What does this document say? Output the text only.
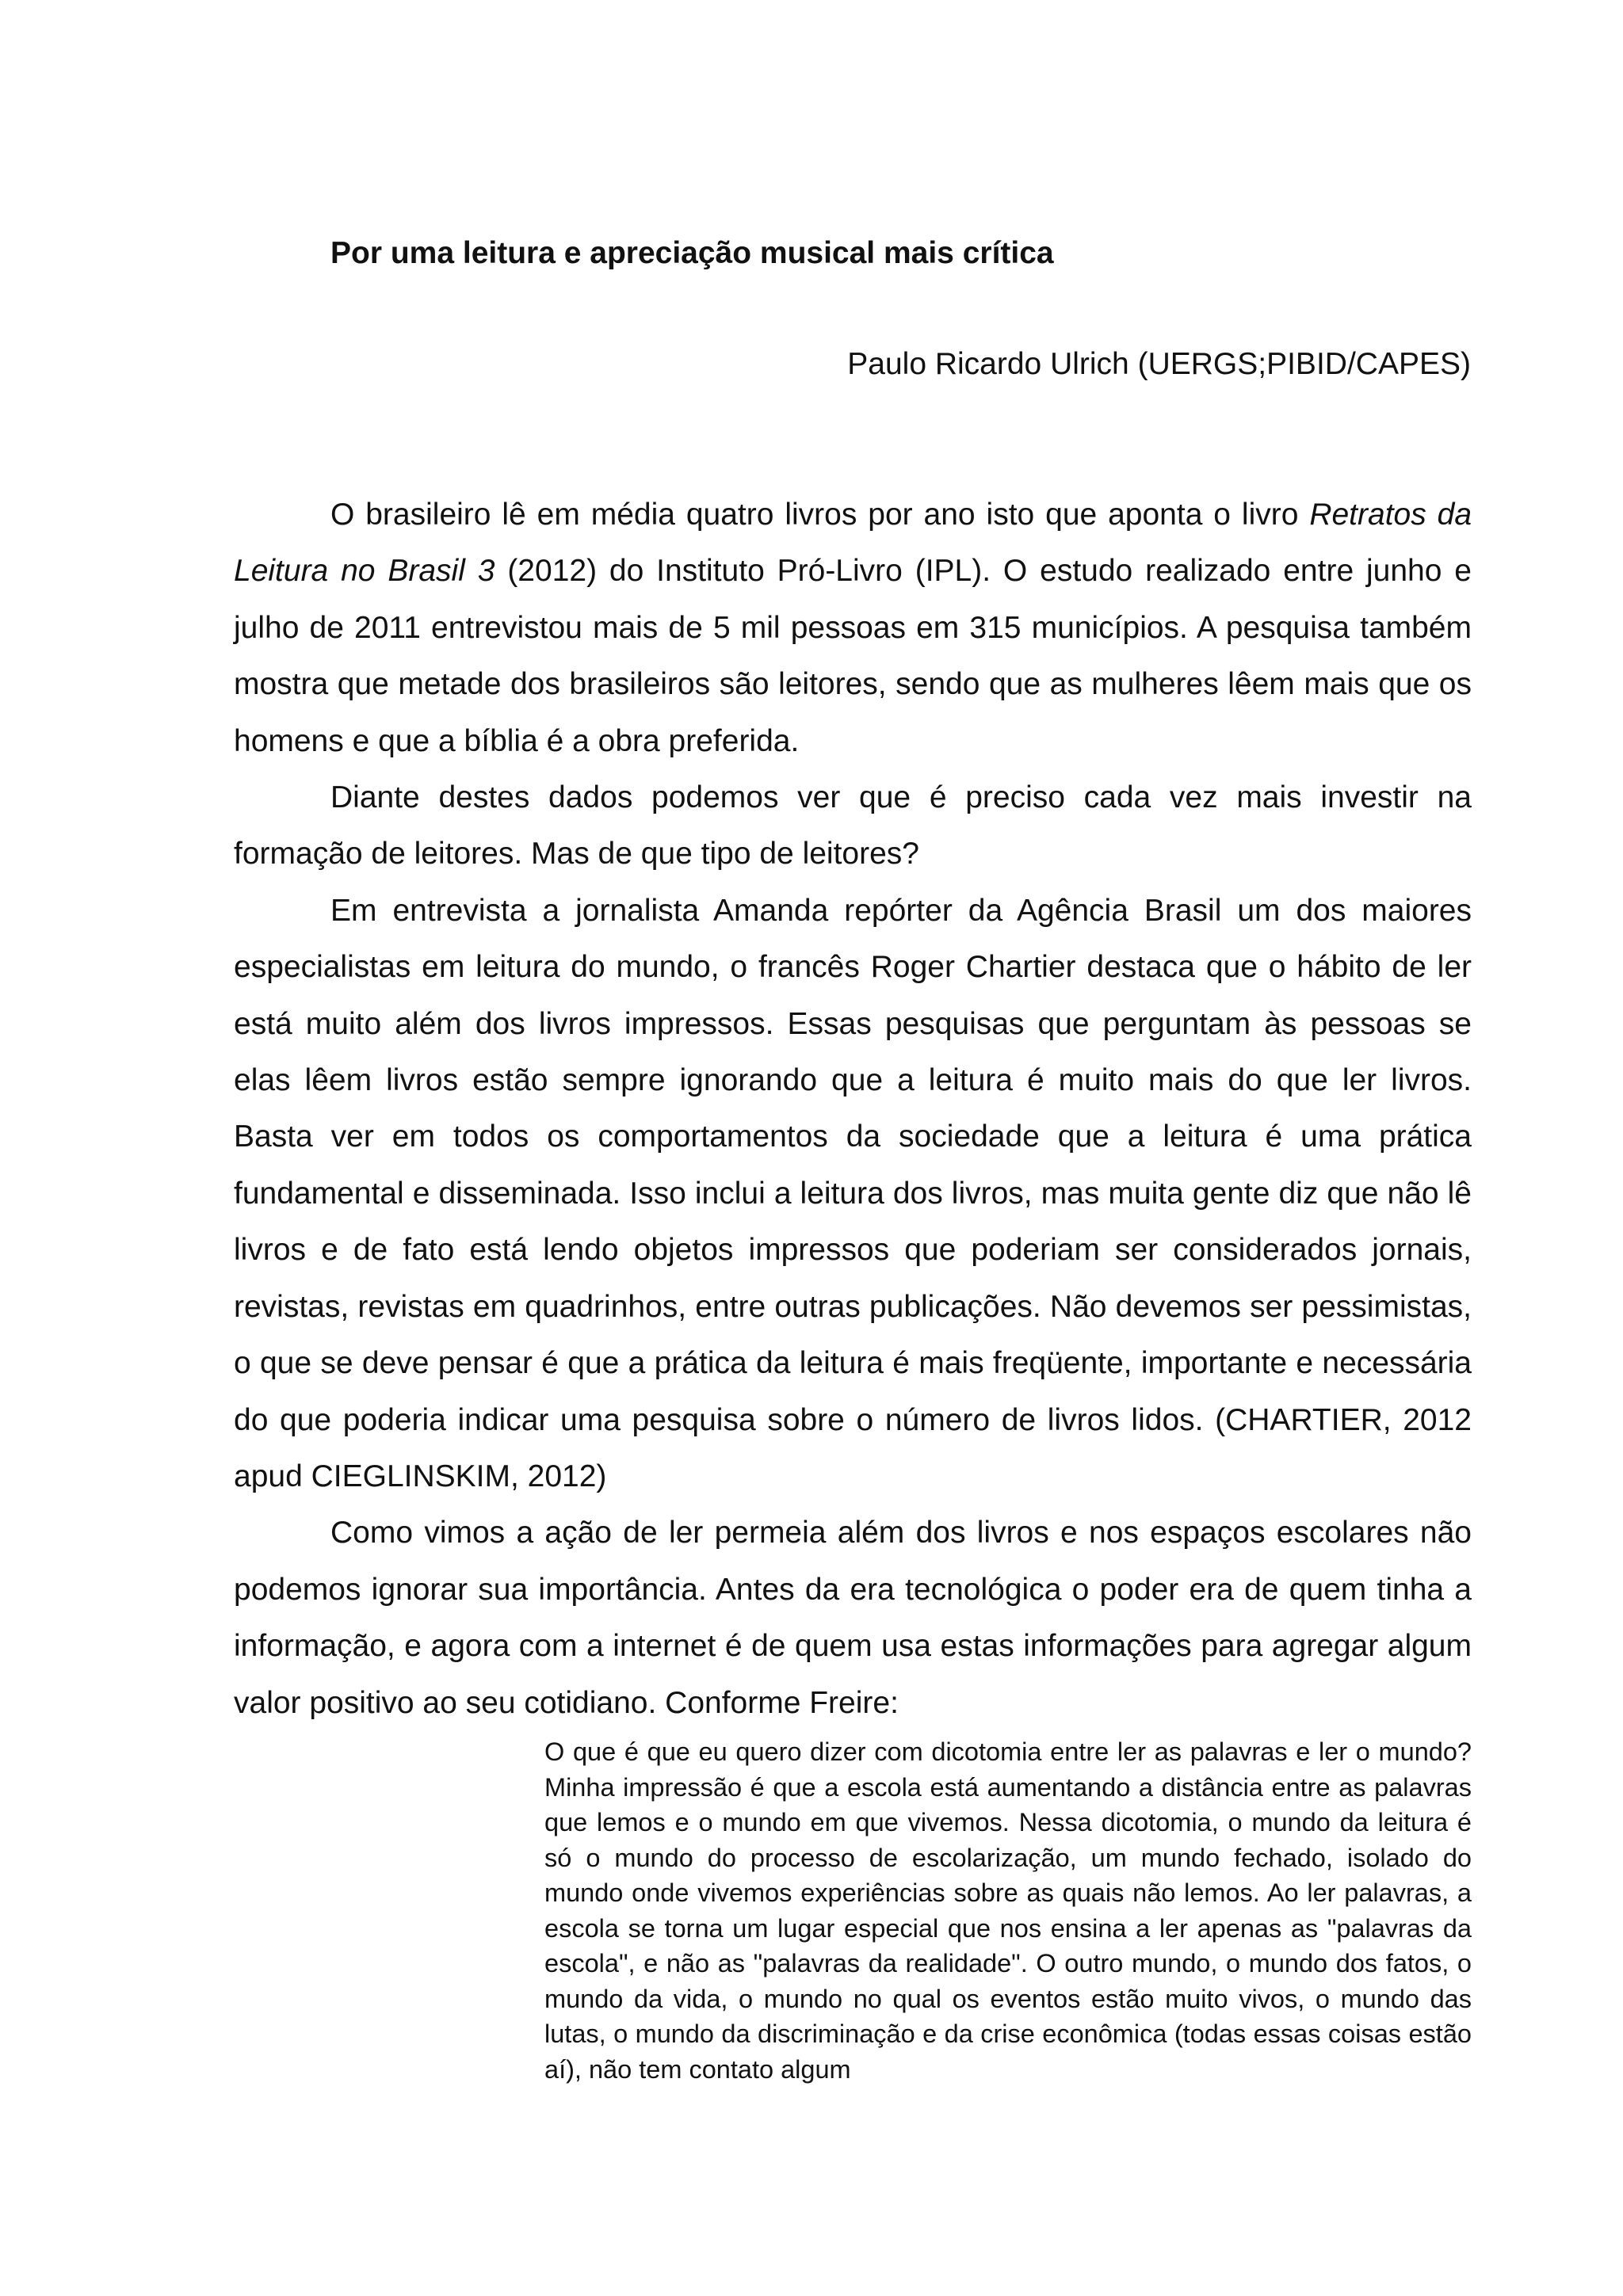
Por uma leitura e apreciação musical mais crítica

Paulo Ricardo Ulrich (UERGS;PIBID/CAPES)

O brasileiro lê em média quatro livros por ano isto que aponta o livro Retratos da Leitura no Brasil 3 (2012) do Instituto Pró-Livro (IPL). O estudo realizado entre junho e julho de 2011 entrevistou mais de 5 mil pessoas em 315 municípios. A pesquisa também mostra que metade dos brasileiros são leitores, sendo que as mulheres lêem mais que os homens e que a bíblia é a obra preferida.

Diante destes dados podemos ver que é preciso cada vez mais investir na formação de leitores. Mas de que tipo de leitores?

Em entrevista a jornalista Amanda repórter da Agência Brasil um dos maiores especialistas em leitura do mundo, o francês Roger Chartier destaca que o hábito de ler está muito além dos livros impressos. Essas pesquisas que perguntam às pessoas se elas lêem livros estão sempre ignorando que a leitura é muito mais do que ler livros. Basta ver em todos os comportamentos da sociedade que a leitura é uma prática fundamental e disseminada. Isso inclui a leitura dos livros, mas muita gente diz que não lê livros e de fato está lendo objetos impressos que poderiam ser considerados jornais, revistas, revistas em quadrinhos, entre outras publicações. Não devemos ser pessimistas, o que se deve pensar é que a prática da leitura é mais freqüente, importante e necessária do que poderia indicar uma pesquisa sobre o número de livros lidos. (CHARTIER, 2012 apud CIEGLINSKIM, 2012)

Como vimos a ação de ler permeia além dos livros e nos espaços escolares não podemos ignorar sua importância. Antes da era tecnológica o poder era de quem tinha a informação, e agora com a internet é de quem usa estas informações para agregar algum valor positivo ao seu cotidiano. Conforme Freire:

O que é que eu quero dizer com dicotomia entre ler as palavras e ler o mundo? Minha impressão é que a escola está aumentando a distância entre as palavras que lemos e o mundo em que vivemos. Nessa dicotomia, o mundo da leitura é só o mundo do processo de escolarização, um mundo fechado, isolado do mundo onde vivemos experiências sobre as quais não lemos. Ao ler palavras, a escola se torna um lugar especial que nos ensina a ler apenas as "palavras da escola", e não as "palavras da realidade". O outro mundo, o mundo dos fatos, o mundo da vida, o mundo no qual os eventos estão muito vivos, o mundo das lutas, o mundo da discriminação e da crise econômica (todas essas coisas estão aí), não tem contato algum
